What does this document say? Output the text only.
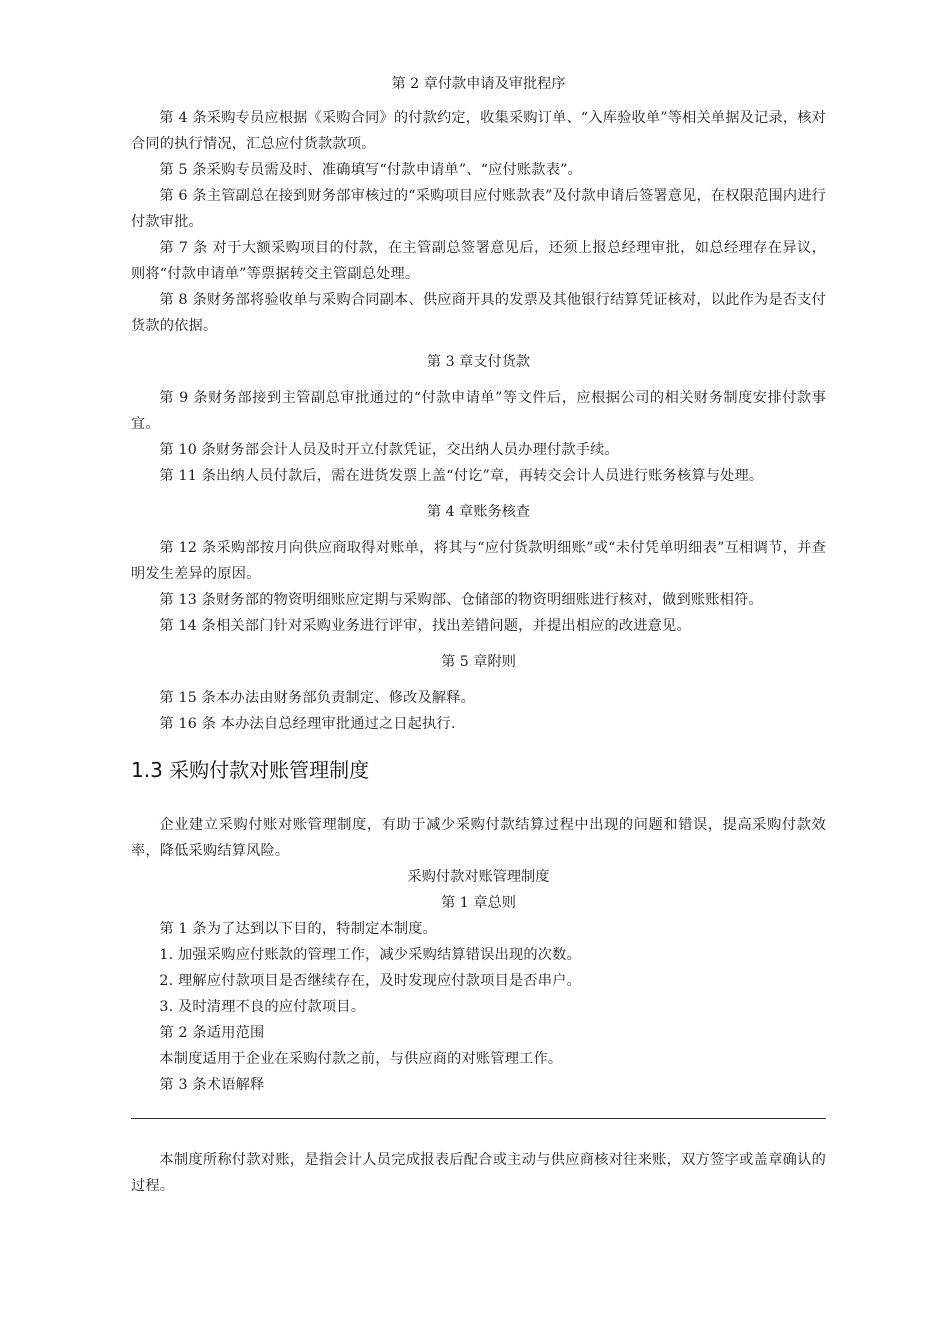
第 2 章付款申请及审批程序

第 4 条采购专员应根据《采购合同》的付款约定，收集采购订单、“入库验收单”等相关单据及记录，核对合同的执行情况，汇总应付货款款项。

第 5 条采购专员需及时、准确填写“付款申请单”、“应付账款表”。

第 6 条主管副总在接到财务部审核过的“采购项目应付账款表”及付款申请后签署意见，在权限范围内进行付款审批。

第 7 条 对于大额采购项目的付款，在主管副总签署意见后，还须上报总经理审批，如总经理存在异议，则将“付款申请单”等票据转交主管副总处理。

第 8 条财务部将验收单与采购合同副本、供应商开具的发票及其他银行结算凭证核对，以此作为是否支付货款的依据。

第 3 章支付货款

第 9 条财务部接到主管副总审批通过的“付款申请单”等文件后，应根据公司的相关财务制度安排付款事宜。

第 10 条财务部会计人员及时开立付款凭证，交出纳人员办理付款手续。

第 11 条出纳人员付款后，需在进货发票上盖“付讫”章，再转交会计人员进行账务核算与处理。

第 4 章账务核查

第 12 条采购部按月向供应商取得对账单，将其与“应付货款明细账”或“未付凭单明细表”互相调节，并查明发生差异的原因。

第 13 条财务部的物资明细账应定期与采购部、仓储部的物资明细账进行核对，做到账账相符。

第 14 条相关部门针对采购业务进行评审，找出差错问题，并提出相应的改进意见。

第 5 章附则

第 15 条本办法由财务部负责制定、修改及解释。

第 16 条 本办法自总经理审批通过之日起执行.

1.3 采购付款对账管理制度

企业建立采购付账对账管理制度，有助于减少采购付款结算过程中出现的问题和错误，提高采购付款效率，降低采购结算风险。

采购付款对账管理制度

第 1 章总则

第 1 条为了达到以下目的，特制定本制度。

1. 加强采购应付账款的管理工作，减少采购结算错误出现的次数。

2. 理解应付款项目是否继续存在，及时发现应付款项目是否串户。

3. 及时清理不良的应付款项目。

第 2 条适用范围

本制度适用于企业在采购付款之前，与供应商的对账管理工作。

第 3 条术语解释

本制度所称付款对账，是指会计人员完成报表后配合或主动与供应商核对往来账，双方签字或盖章确认的过程。
